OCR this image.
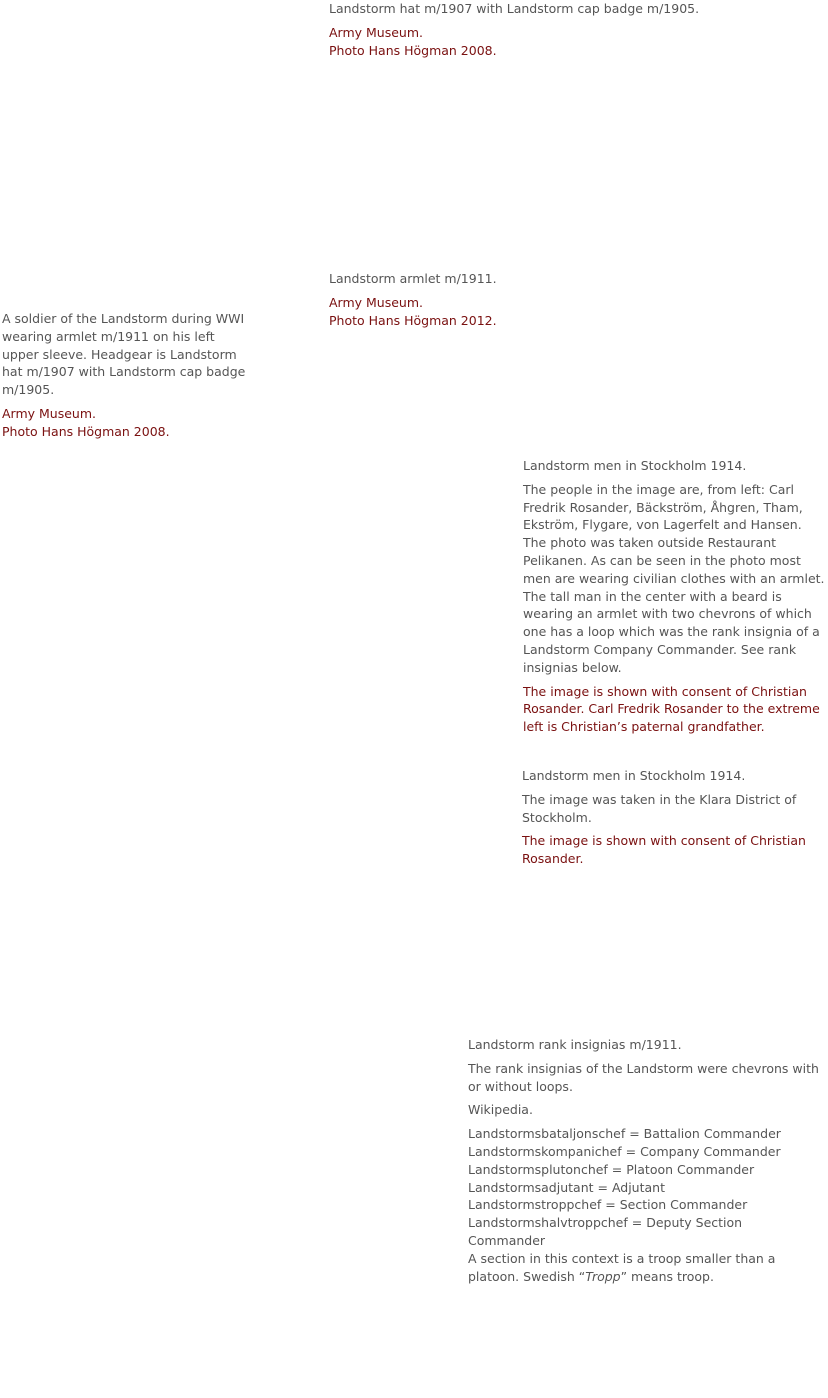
Landstorm hat m/1907 with Landstorm cap badge m/1905.

Army Museum.
Photo Hans Högman 2008.

Landstorm armlet m/1911.

Army Museum.
Photo Hans Högman 2012.

A soldier of the Landstorm during WWI wearing armlet m/1911 on his left upper sleeve. Headgear is Landstorm hat m/1907 with Landstorm cap badge m/1905.

Army Museum.
Photo Hans Högman 2008.

Landstorm men in Stockholm 1914.

The people in the image are, from left: Carl Fredrik Rosander, Bäckström, Åhgren, Tham, Ekström, Flygare, von Lagerfelt and Hansen. The photo was taken outside Restaurant Pelikanen. As can be seen in the photo most men are wearing civilian clothes with an armlet.
The tall man in the center with a beard is wearing an armlet with two chevrons of which one has a loop which was the rank insignia of a Landstorm Company Commander. See rank insignias below.

The image is shown with consent of Christian Rosander. Carl Fredrik Rosander to the extreme left is Christian’s paternal grandfather.

Landstorm men in Stockholm 1914.

The image was taken in the Klara District of Stockholm.

The image is shown with consent of Christian Rosander.

Landstorm rank insignias m/1911.

The rank insignias of the Landstorm were chevrons with or without loops.

Wikipedia.

Landstormsbataljonschef = Battalion Commander
Landstormskompanichef = Company Commander
Landstormsplutonchef = Platoon Commander
Landstormsadjutant = Adjutant
Landstormstroppchef = Section Commander
Landstormshalvtroppchef = Deputy Section Commander
A section in this context is a troop smaller than a platoon. Swedish “Tropp” means troop.
